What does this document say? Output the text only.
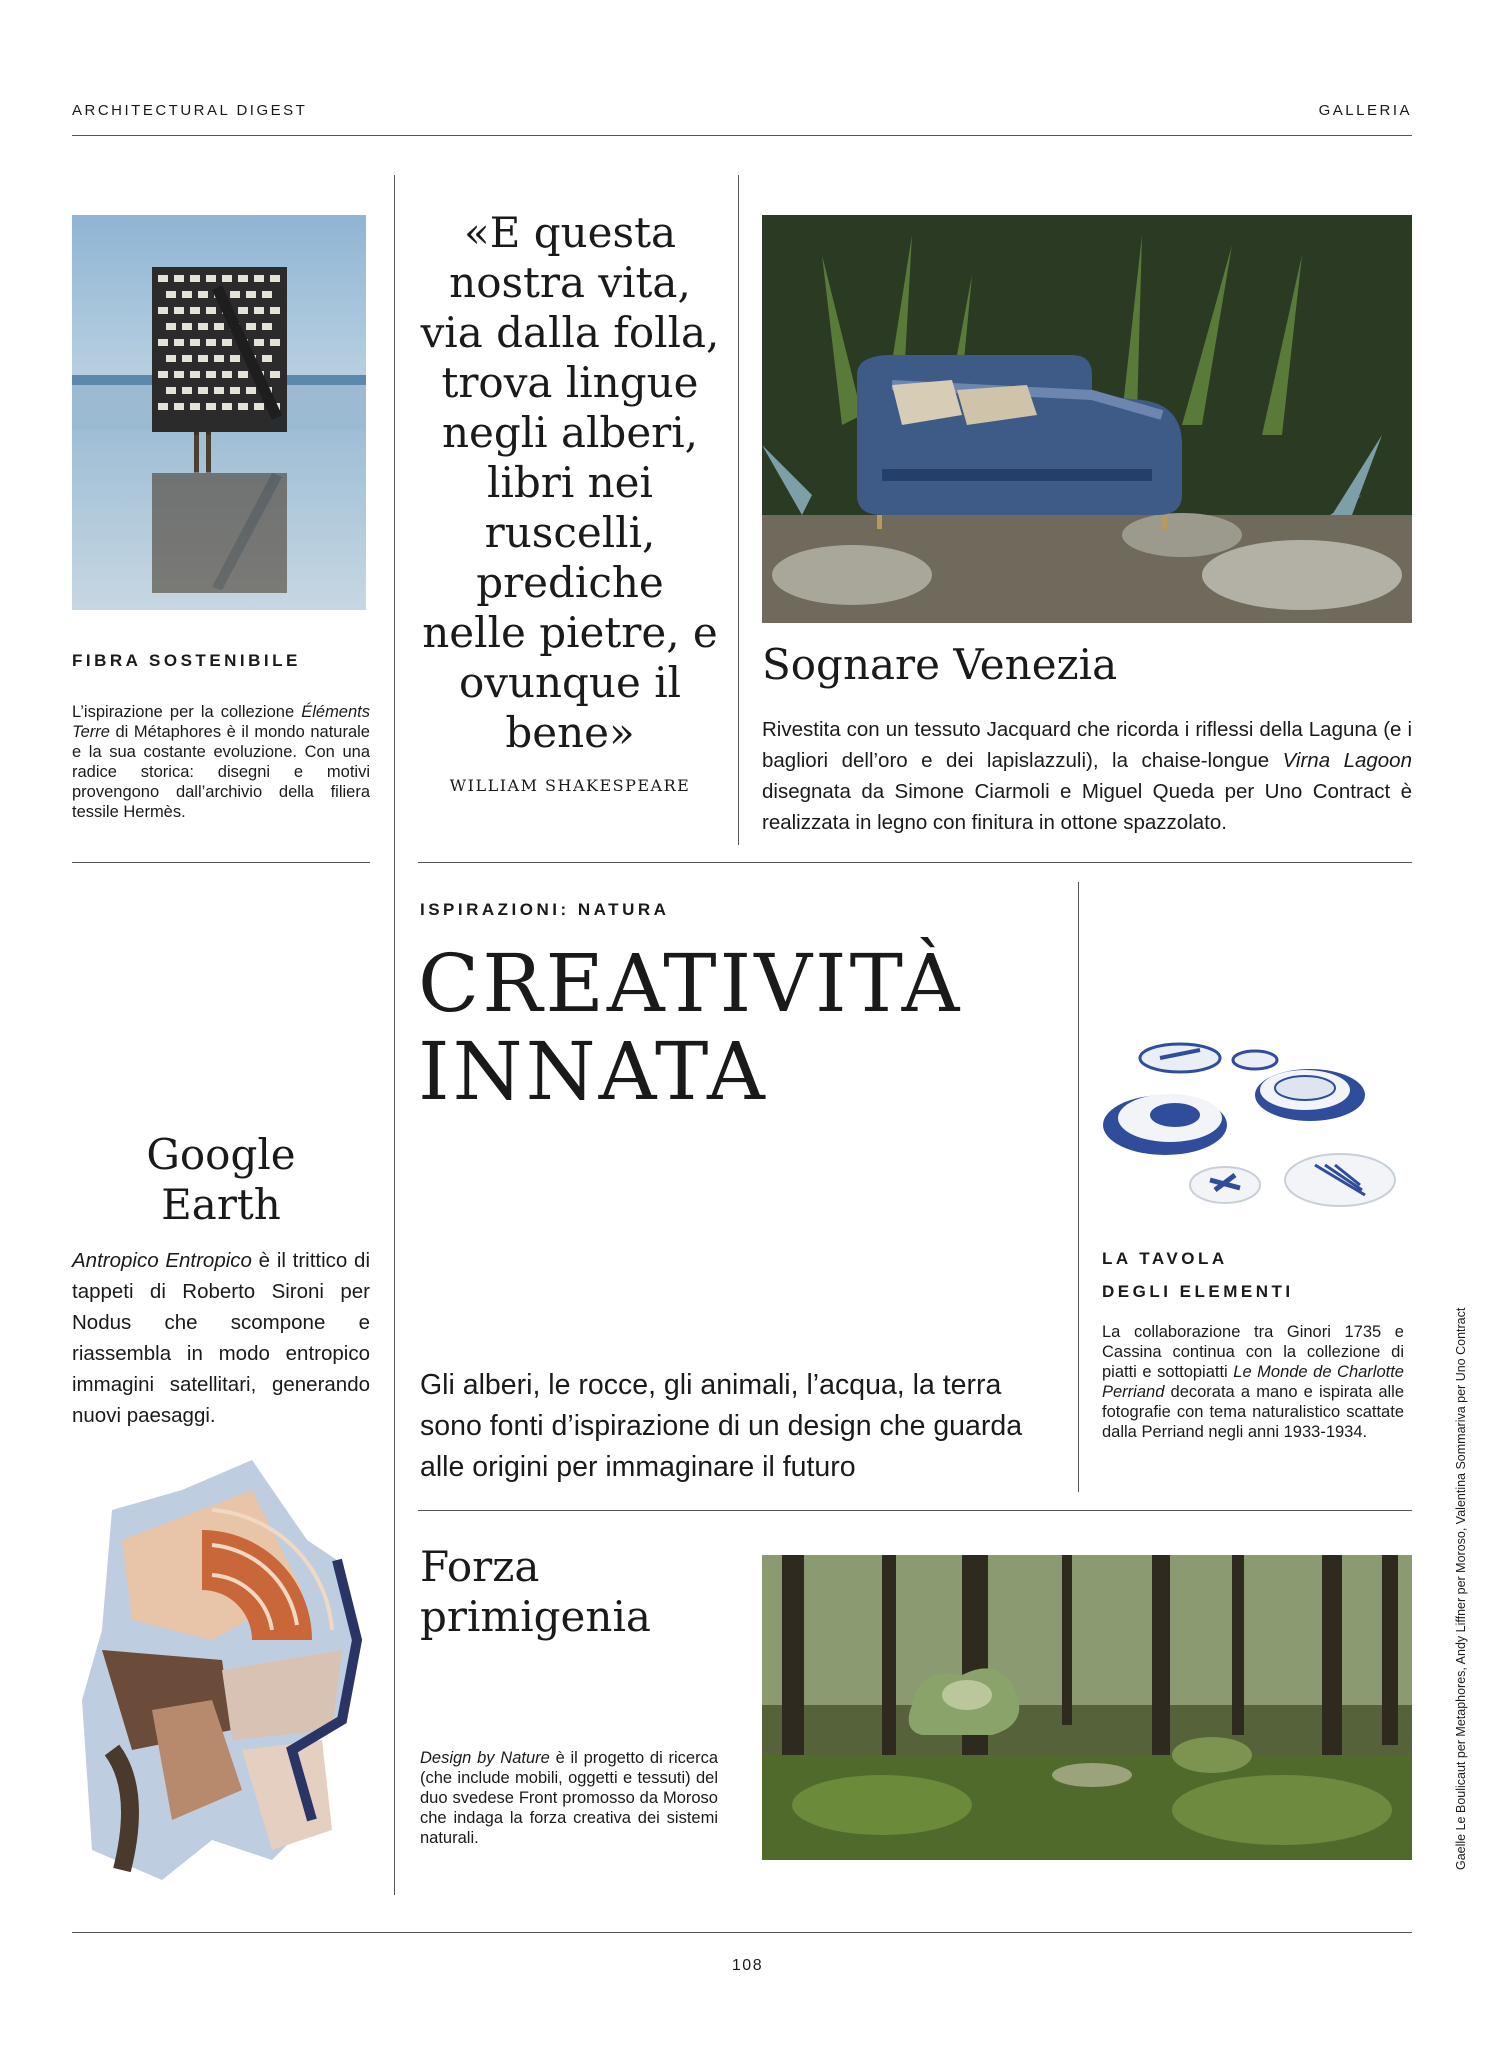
ARCHITECTURAL DIGEST	GALLERIA
FIBRA SOSTENIBILE
L’ispirazione per la collezione Éléments Terre di Métaphores è il mondo naturale e la sua costante evoluzione. Con una radice storica: disegni e motivi provengono dall’archivio della filiera tessile Hermès.
«E questa nostra vita, via dalla folla, trova lingue negli alberi, libri nei ruscelli, prediche nelle pietre, e ovunque il bene»
WILLIAM SHAKESPEARE
Sognare Venezia
Rivestita con un tessuto Jacquard che ricorda i riflessi della Laguna (e i bagliori dell’oro e dei lapislazzuli), la chaise-longue Virna Lagoon disegnata da Simone Ciarmoli e Miguel Queda per Uno Contract è realizzata in legno con finitura in ottone spazzolato.
ISPIRAZIONI: NATURA
CREATIVITÀ
INNATA
Gli alberi, le rocce, gli animali, l’acqua, la terra sono fonti d’ispirazione di un design che guarda alle origini per immaginare il futuro
Google
Earth
Antropico Entropico è il trittico di tappeti di Roberto Sironi per Nodus che scompone e riassembla in modo entropico immagini satellitari, generando nuovi paesaggi.
LA TAVOLA
DEGLI ELEMENTI
La collaborazione tra Ginori 1735 e Cassina continua con la collezione di piatti e sottopiatti Le Monde de Charlotte Perriand decorata a mano e ispirata alle fotografie con tema naturalistico scattate dalla Perriand negli anni 1933-1934.
Forza
primigenia
Design by Nature è il progetto di ricerca (che include mobili, oggetti e tessuti) del duo svedese Front promosso da Moroso che indaga la forza creativa dei sistemi naturali.	Gaelle Le Boulicaut per Metaphores, Andy Liffner per Moroso, Valentina Sommariva per Uno Contract
108
